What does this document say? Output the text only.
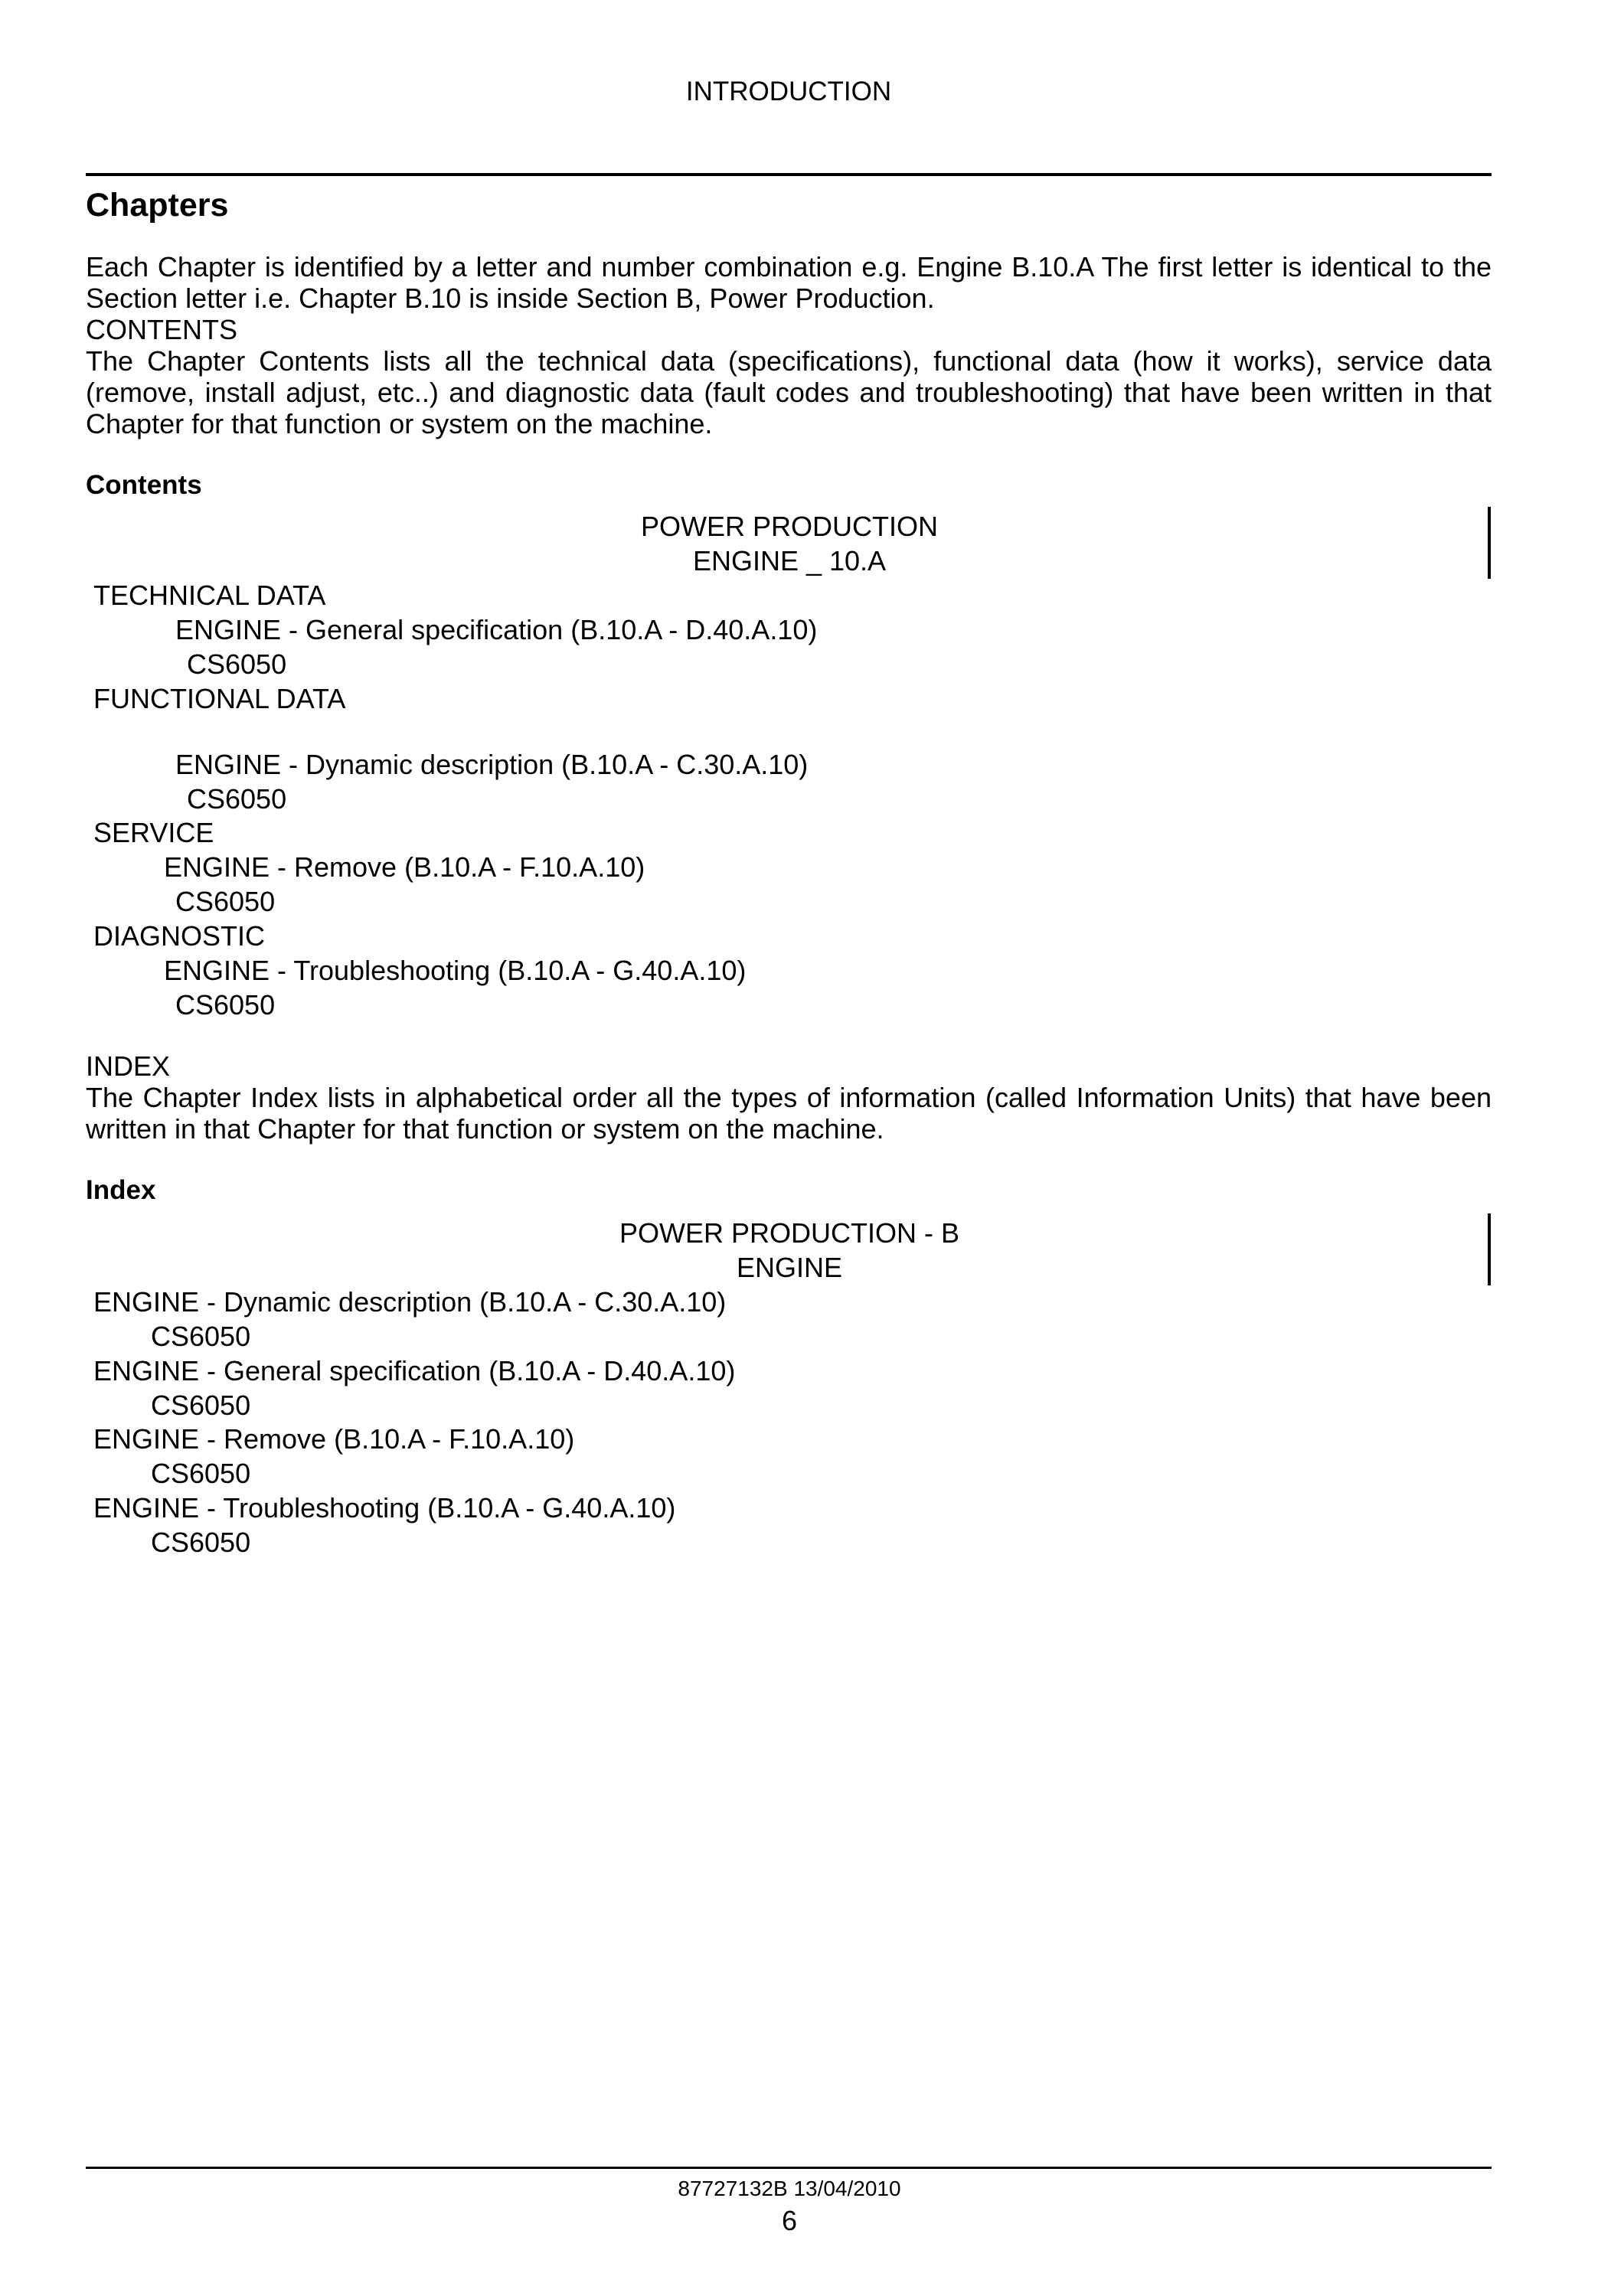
INTRODUCTION
Chapters
Each Chapter is identified by a letter and number combination e.g. Engine B.10.A The first letter is identical to the Section letter i.e. Chapter B.10 is inside Section B, Power Production.
CONTENTS
The Chapter Contents lists all the technical data (specifications), functional data (how it works), service data (remove, install adjust, etc..) and diagnostic data (fault codes and troubleshooting) that have been written in that Chapter for that function or system on the machine.
Contents
POWER PRODUCTION
ENGINE _ 10.A
TECHNICAL DATA
ENGINE - General specification (B.10.A - D.40.A.10)
CS6050
FUNCTIONAL DATA
ENGINE - Dynamic description (B.10.A - C.30.A.10)
CS6050
SERVICE
ENGINE - Remove (B.10.A - F.10.A.10)
CS6050
DIAGNOSTIC
ENGINE - Troubleshooting (B.10.A - G.40.A.10)
CS6050
INDEX
The Chapter Index lists in alphabetical order all the types of information (called Information Units) that have been written in that Chapter for that function or system on the machine.
Index
POWER PRODUCTION - B
ENGINE
ENGINE - Dynamic description (B.10.A - C.30.A.10)
CS6050
ENGINE - General specification (B.10.A - D.40.A.10)
CS6050
ENGINE - Remove (B.10.A - F.10.A.10)
CS6050
ENGINE - Troubleshooting (B.10.A - G.40.A.10)
CS6050
87727132B 13/04/2010
6
